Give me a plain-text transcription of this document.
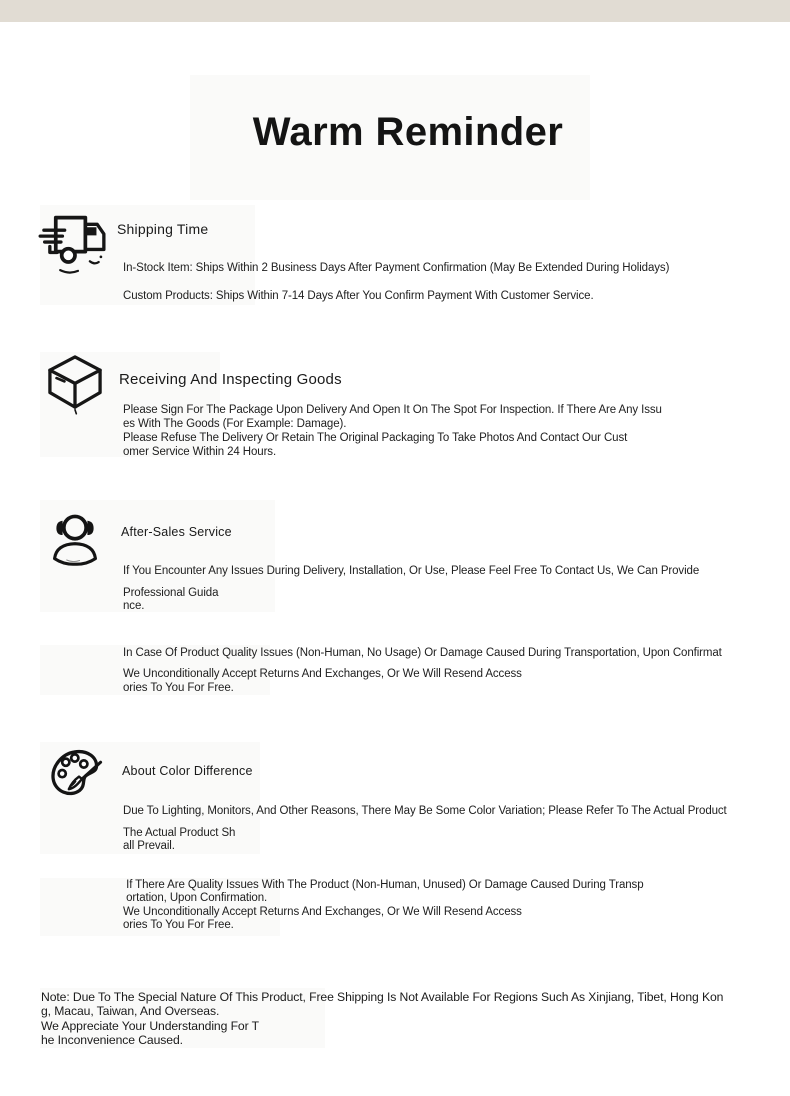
Warm Reminder
Shipping Time
In-Stock Item: Ships Within 2 Business Days After Payment Confirmation (May Be Extended During Holidays)
Custom Products: Ships Within 7-14 Days After You Confirm Payment With Customer Service.
Receiving And Inspecting Goods
Please Sign For The Package Upon Delivery And Open It On The Spot For Inspection. If There Are Any Issu
es With The Goods (For Example: Damage).
Please Refuse The Delivery Or Retain The Original Packaging To Take Photos And Contact Our Cust
omer Service Within 24 Hours.
After-Sales Service
If You Encounter Any Issues During Delivery, Installation, Or Use, Please Feel Free To Contact Us, We Can Provide
Professional Guida
nce.
In Case Of Product Quality Issues (Non-Human, No Usage) Or Damage Caused During Transportation, Upon Confirmat
We Unconditionally Accept Returns And Exchanges, Or We Will Resend Access
ories To You For Free.
About Color Difference
Due To Lighting, Monitors, And Other Reasons, There May Be Some Color Variation; Please Refer To The Actual Product
The Actual Product Sh
all Prevail.
If There Are Quality Issues With The Product (Non-Human, Unused) Or Damage Caused During Transp
ortation, Upon Confirmation.
We Unconditionally Accept Returns And Exchanges, Or We Will Resend Access
ories To You For Free.
Note: Due To The Special Nature Of This Product, Free Shipping Is Not Available For Regions Such As Xinjiang, Tibet, Hong Kon
g, Macau, Taiwan, And Overseas.
We Appreciate Your Understanding For T
he Inconvenience Caused.
